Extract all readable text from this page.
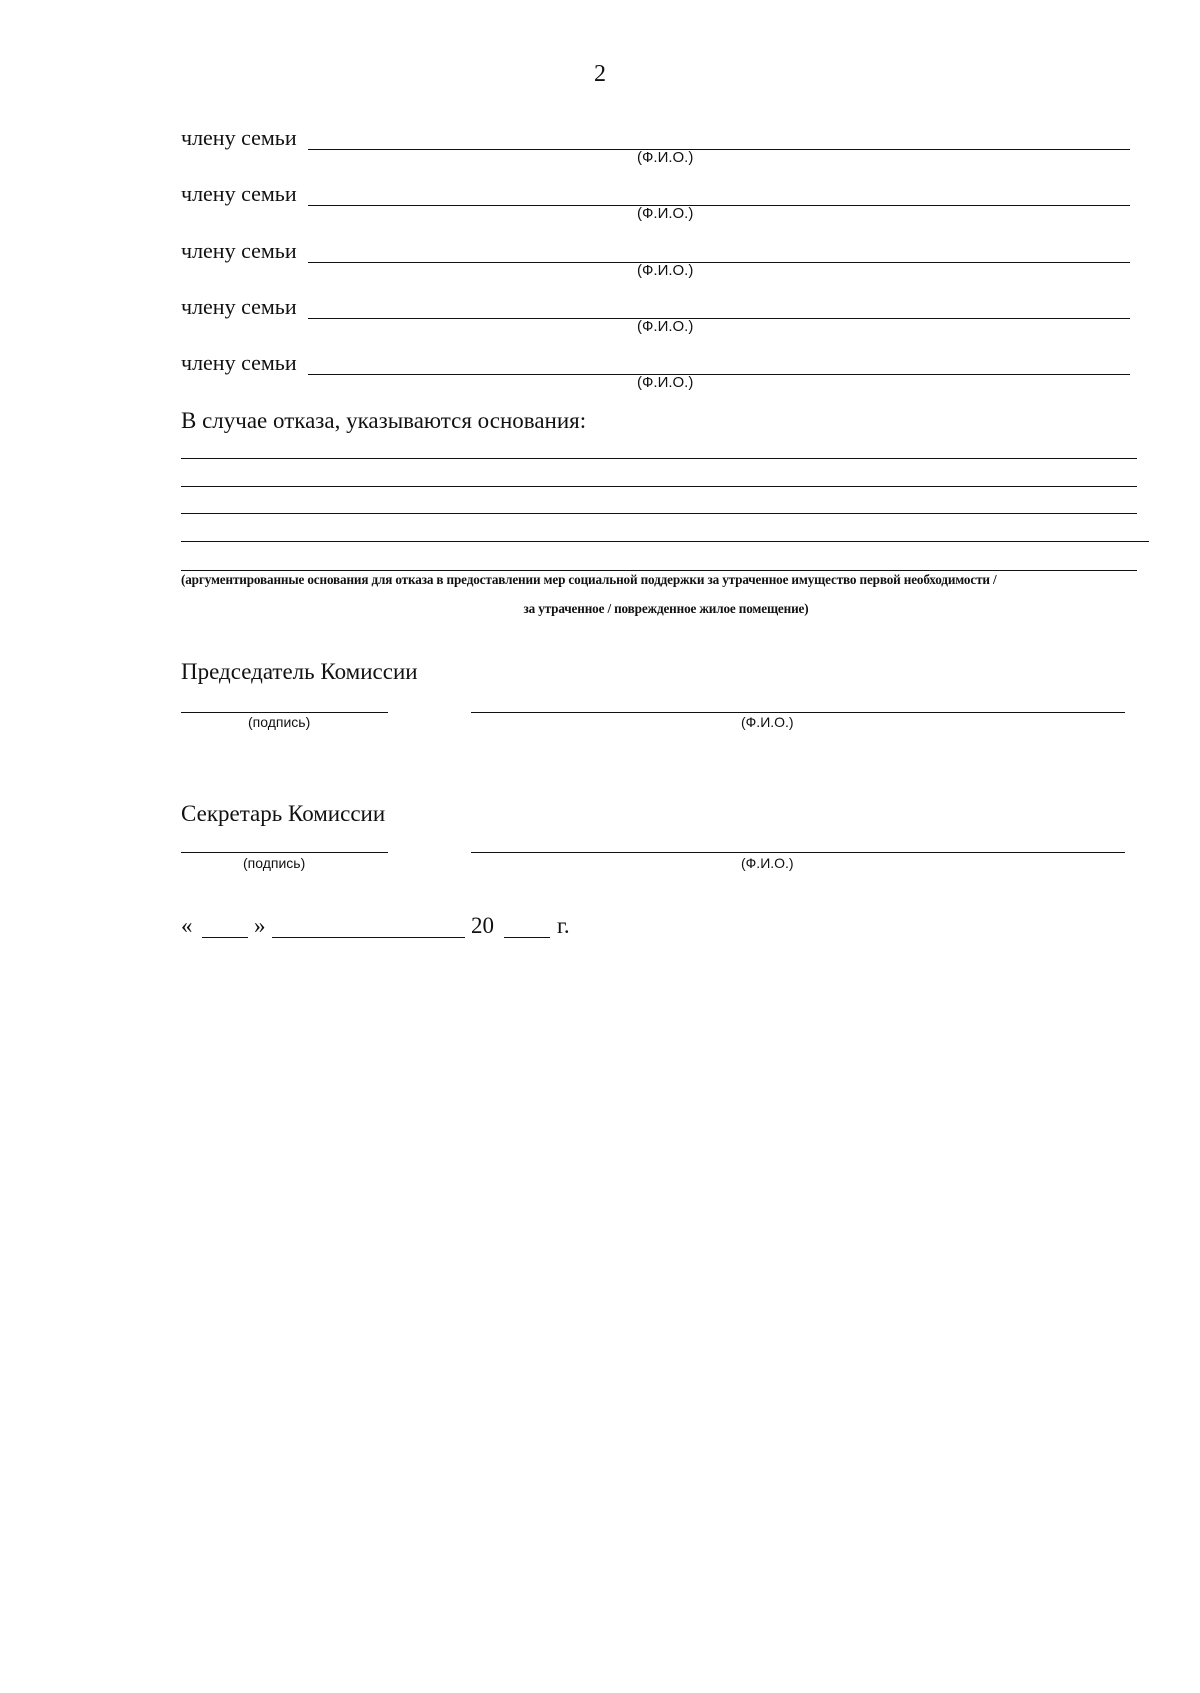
2
члену семьи
(Ф.И.О.)
члену семьи
(Ф.И.О.)
члену семьи
(Ф.И.О.)
члену семьи
(Ф.И.О.)
члену семьи
(Ф.И.О.)
В случае отказа, указываются основания:
(аргументированные основания для отказа в предоставлении мер социальной поддержки за утраченное имущество первой необходимости /
за утраченное / поврежденное жилое помещение)
Председатель Комиссии
(подпись)	(Ф.И.О.)
Секретарь Комиссии
(подпись)	(Ф.И.О.)
«	»	20	г.
